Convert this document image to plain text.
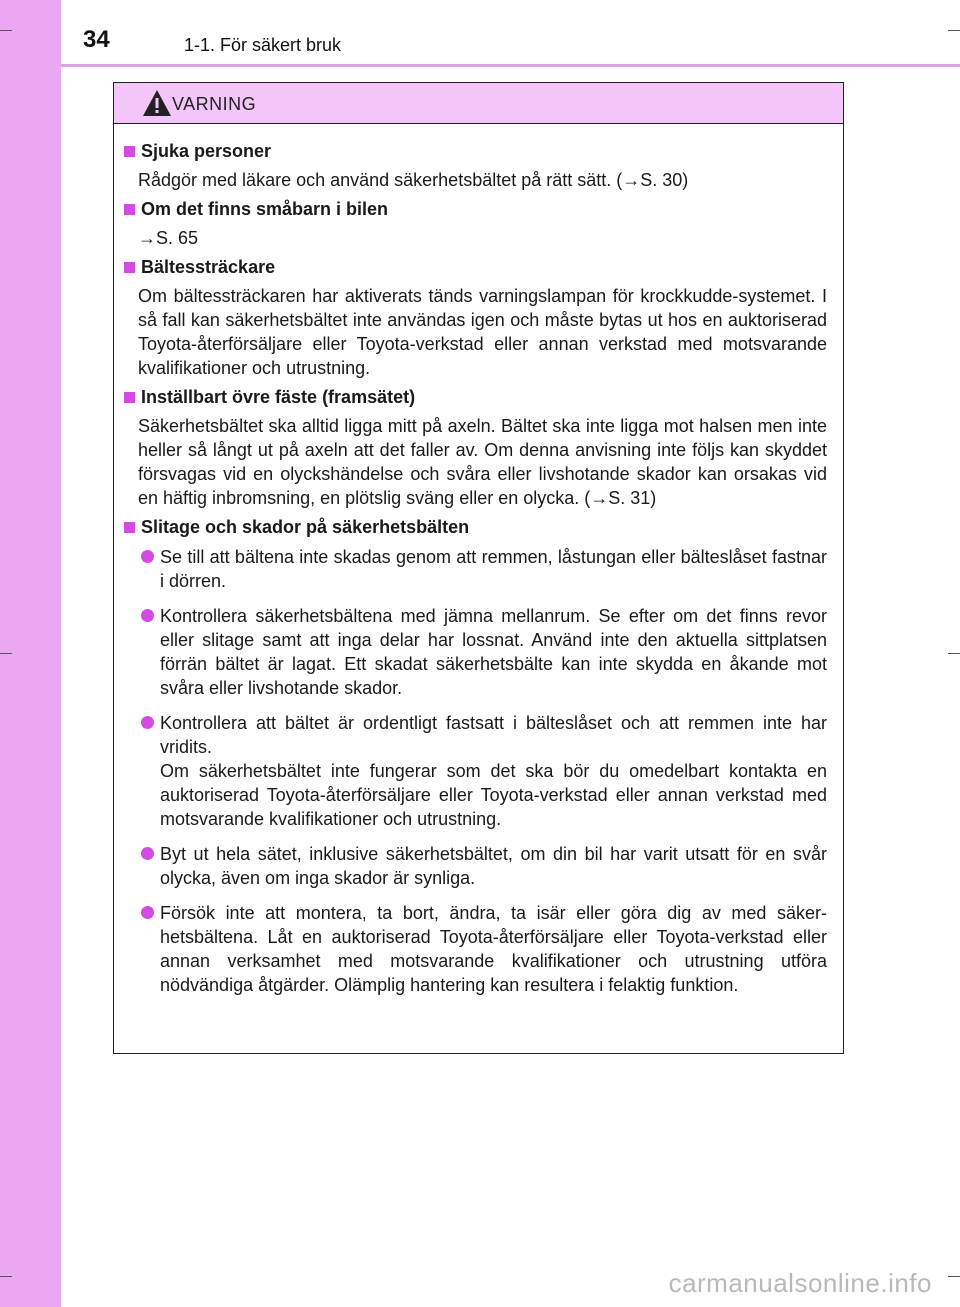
34	1-1. För säkert bruk
VARNING
Sjuka personer
Rådgör med läkare och använd säkerhetsbältet på rätt sätt. (→S. 30)
Om det finns småbarn i bilen
→S. 65
Bältessträckare
Om bältessträckaren har aktiverats tänds varningslampan för krockkudde-systemet. I så fall kan säkerhetsbältet inte användas igen och måste bytas ut hos en auktoriserad Toyota-återförsäljare eller Toyota-verkstad eller annan verkstad med motsvarande kvalifikationer och utrustning.
Inställbart övre fäste (framsätet)
Säkerhetsbältet ska alltid ligga mitt på axeln. Bältet ska inte ligga mot halsen men inte heller så långt ut på axeln att det faller av. Om denna anvisning inte följs kan skyddet försvagas vid en olyckshändelse och svåra eller livshotande skador kan orsakas vid en häftig inbromsning, en plötslig sväng eller en olycka. (→S. 31)
Slitage och skador på säkerhetsbälten
Se till att bältena inte skadas genom att remmen, låstungan eller bälteslåset fastnar i dörren.
Kontrollera säkerhetsbältena med jämna mellanrum. Se efter om det finns revor eller slitage samt att inga delar har lossnat. Använd inte den aktuella sittplatsen förrän bältet är lagat. Ett skadat säkerhetsbälte kan inte skydda en åkande mot svåra eller livshotande skador.
Kontrollera att bältet är ordentligt fastsatt i bälteslåset och att remmen inte har vridits.
Om säkerhetsbältet inte fungerar som det ska bör du omedelbart kontakta en auktoriserad Toyota-återförsäljare eller Toyota-verkstad eller annan verkstad med motsvarande kvalifikationer och utrustning.
Byt ut hela sätet, inklusive säkerhetsbältet, om din bil har varit utsatt för en svår olycka, även om inga skador är synliga.
Försök inte att montera, ta bort, ändra, ta isär eller göra dig av med säker-hetsbältena. Låt en auktoriserad Toyota-återförsäljare eller Toyota-verkstad eller annan verksamhet med motsvarande kvalifikationer och utrustning utföra nödvändiga åtgärder. Olämplig hantering kan resultera i felaktig funktion.
carmanualsonline.info
